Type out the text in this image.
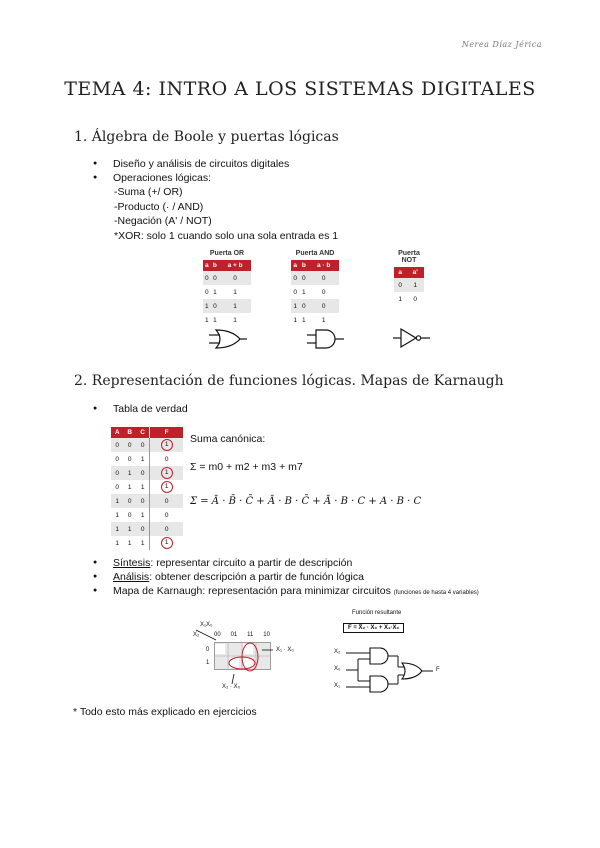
Nerea Díaz Jérica
TEMA 4: INTRO A LOS SISTEMAS DIGITALES
1. Álgebra de Boole y puertas lógicas
● Diseño y análisis de circuitos digitales
● Operaciones lógicas:
-Suma (+/ OR)
-Producto (· / AND)
-Negación (A' / NOT)
*XOR: solo 1 cuando solo una sola entrada es 1
Puerta OR
a	b	a + b
0	0	0
0	1	1
1	0	1
1	1	1
Puerta AND
a	b	a · b
0	0	0
0	1	0
1	0	0
1	1	1
Puerta NOT
a	a'
0	1
1	0
2. Representación de funciones lógicas. Mapas de Karnaugh
● Tabla de verdad
A	B	C	F
0	0	0	1
0	0	1	0
0	1	0	1
0	1	1	1
1	0	0	0
1	0	1	0
1	1	0	0
1	1	1	1
Suma canónica:
Σ = m0 + m2 + m3 + m7
Σ = Ā · B̄ · C̄ + Ā · B · C̄ + Ā · B · C + A · B · C
● Síntesis: representar circuito a partir de descripción
● Análisis: obtener descripción a partir de función lógica
● Mapa de Karnaugh: representación para minimizar circuitos (funciones de hasta 4 variables)
X₁X₀
X₂ 00 01 11 10
0
1
X₁ · X₀
X₂ · X₀
Función resultante
F = X̄₂ · X₀ + X₁·X₀
X₂
X₀
X₁
F
* Todo esto más explicado en ejercicios
